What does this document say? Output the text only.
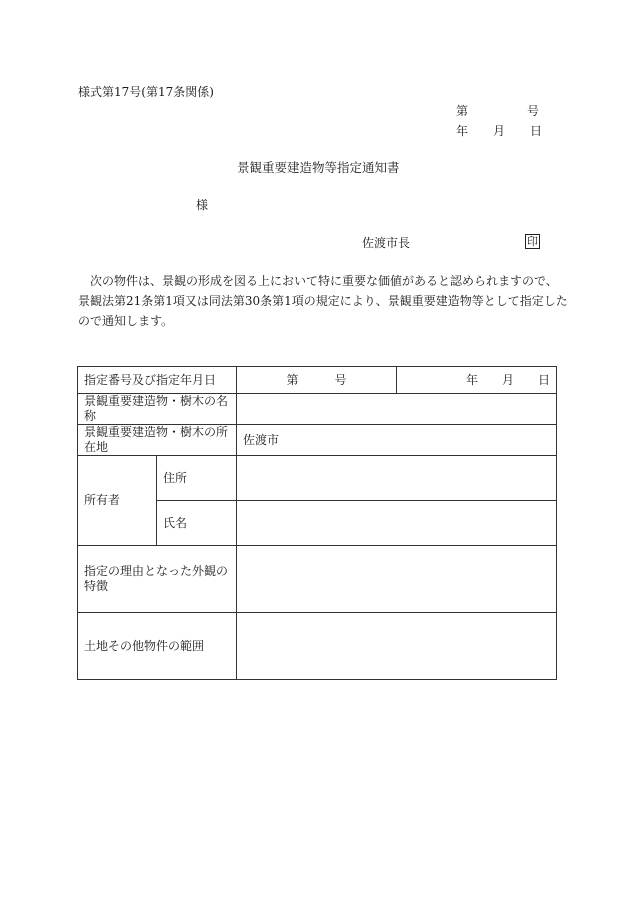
様式第17号(第17条関係)
第	号
年 月 日
景観重要建造物等指定通知書
様
佐渡市長	印
　次の物件は、景観の形成を図る上において特に重要な価値があると認められますので、
景観法第21条第1項又は同法第30条第1項の規定により、景観重要建造物等として指定した
ので通知します。
指定番号及び指定年月日		第　　　号	年　　月　　日
景観重要建造物・樹木の名称			
景観重要建造物・樹木の所在地		佐渡市	
所有者	住所		
	氏名		
指定の理由となった外観の特徴			
土地その他物件の範囲			
